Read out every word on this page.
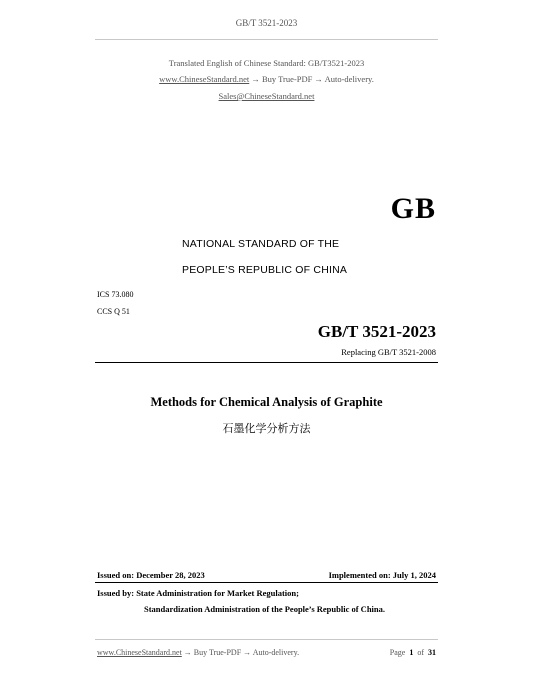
GB/T 3521-2023
Translated English of Chinese Standard: GB/T3521-2023
www.ChineseStandard.net → Buy True-PDF → Auto-delivery.
Sales@ChineseStandard.net
GB
NATIONAL STANDARD OF THE
PEOPLE’S REPUBLIC OF CHINA
ICS 73.080
CCS Q 51
GB/T 3521-2023
Replacing GB/T 3521-2008
Methods for Chemical Analysis of Graphite
石墨化学分析方法
Issued on: December 28, 2023	Implemented on: July 1, 2024
Issued by: State Administration for Market Regulation;
Standardization Administration of the People’s Republic of China.
www.ChineseStandard.net → Buy True-PDF → Auto-delivery.	Page 1 of 31
